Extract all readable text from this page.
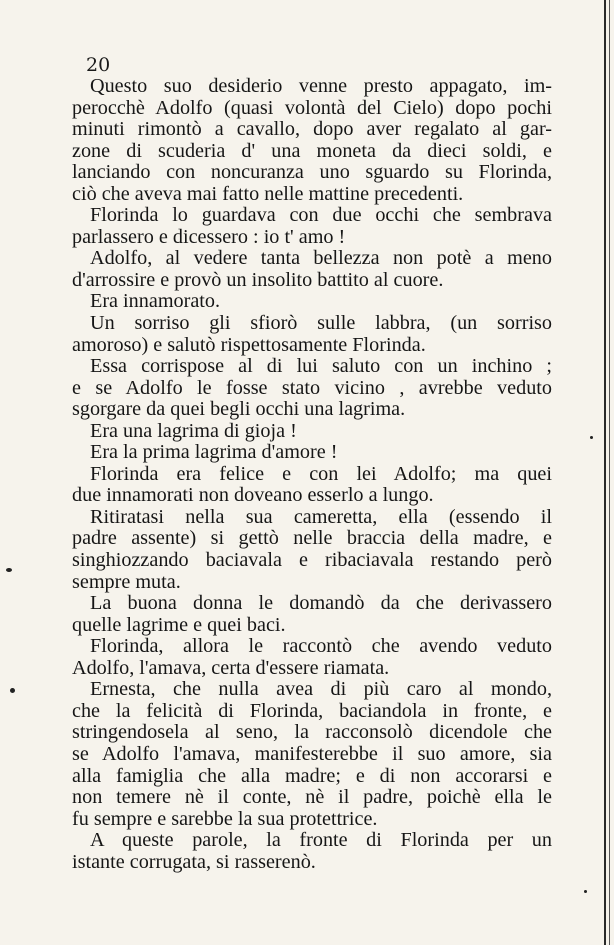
20
Questo suo desiderio venne presto appagato, im-
perocchè Adolfo (quasi volontà del Cielo) dopo pochi
minuti rimontò a cavallo, dopo aver regalato al gar-
zone di scuderia d' una moneta da dieci soldi, e
lanciando con noncuranza uno sguardo su Florinda,
ciò che aveva mai fatto nelle mattine precedenti.
Florinda lo guardava con due occhi che sembrava
parlassero e dicessero : io t' amo !
Adolfo, al vedere tanta bellezza non potè a meno
d'arrossire e provò un insolito battito al cuore.
Era innamorato.
Un sorriso gli sfiorò sulle labbra, (un sorriso
amoroso) e salutò rispettosamente Florinda.
Essa corrispose al di lui saluto con un inchino ;
e se Adolfo le fosse stato vicino , avrebbe veduto
sgorgare da quei begli occhi una lagrima.
Era una lagrima di gioja !
Era la prima lagrima d'amore !
Florinda era felice e con lei Adolfo; ma quei
due innamorati non doveano esserlo a lungo.
Ritiratasi nella sua cameretta, ella (essendo il
padre assente) si gettò nelle braccia della madre, e
singhiozzando baciavala e ribaciavala restando però
sempre muta.
La buona donna le domandò da che derivassero
quelle lagrime e quei baci.
Florinda, allora le raccontò che avendo veduto
Adolfo, l'amava, certa d'essere riamata.
Ernesta, che nulla avea di più caro al mondo,
che la felicità di Florinda, baciandola in fronte, e
stringendosela al seno, la racconsolò dicendole che
se Adolfo l'amava, manifesterebbe il suo amore, sia
alla famiglia che alla madre; e di non accorarsi e
non temere nè il conte, nè il padre, poichè ella le
fu sempre e sarebbe la sua protettrice.
A queste parole, la fronte di Florinda per un
istante corrugata, si rasserenò.
